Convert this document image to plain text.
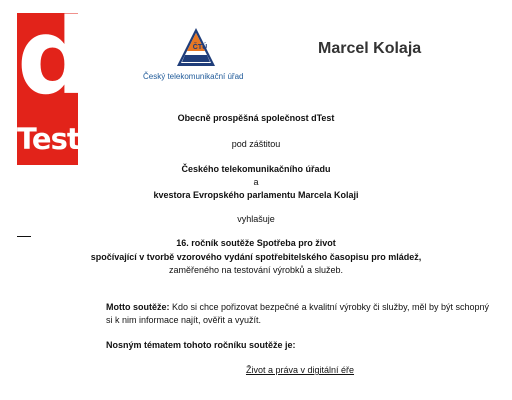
d
Test
ČTÚ
Český telekomunikační úřad
Marcel Kolaja
Obecně prospěšná společnost dTest
pod záštitou
Českého telekomunikačního úřadu
a
kvestora Evropského parlamentu Marcela Kolaji
vyhlašuje
16. ročník soutěže Spotřeba pro život
spočívající v tvorbě vzorového vydání spotřebitelského časopisu pro mládež,
zaměřeného na testování výrobků a služeb.
Motto soutěže: Kdo si chce pořizovat bezpečné a kvalitní výrobky či služby, měl by být schopný si k nim informace najít, ověřit a využít.
Nosným tématem tohoto ročníku soutěže je:
Život a práva v digitální éře
